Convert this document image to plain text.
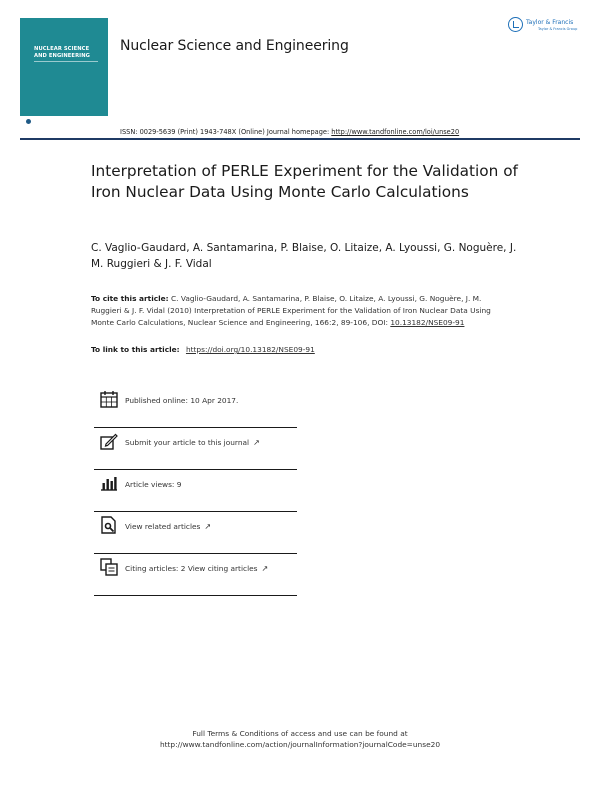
NUCLEAR SCIENCE AND ENGINEERING
Nuclear Science and Engineering
Taylor & Francis
Taylor & Francis Group
ISSN: 0029-5639 (Print) 1943-748X (Online) Journal homepage: http://www.tandfonline.com/loi/unse20
Interpretation of PERLE Experiment for the Validation of Iron Nuclear Data Using Monte Carlo Calculations
C. Vaglio-Gaudard, A. Santamarina, P. Blaise, O. Litaize, A. Lyoussi, G. Noguère, J. M. Ruggieri & J. F. Vidal
To cite this article: C. Vaglio-Gaudard, A. Santamarina, P. Blaise, O. Litaize, A. Lyoussi, G. Noguère, J. M. Ruggieri & J. F. Vidal (2010) Interpretation of PERLE Experiment for the Validation of Iron Nuclear Data Using Monte Carlo Calculations, Nuclear Science and Engineering, 166:2, 89-106, DOI: 10.13182/NSE09-91
To link to this article: https://doi.org/10.13182/NSE09-91
Published online: 10 Apr 2017.
Submit your article to this journal ↗
Article views: 9
View related articles ↗
Citing articles: 2 View citing articles ↗
Full Terms & Conditions of access and use can be found at
http://www.tandfonline.com/action/journalInformation?journalCode=unse20
